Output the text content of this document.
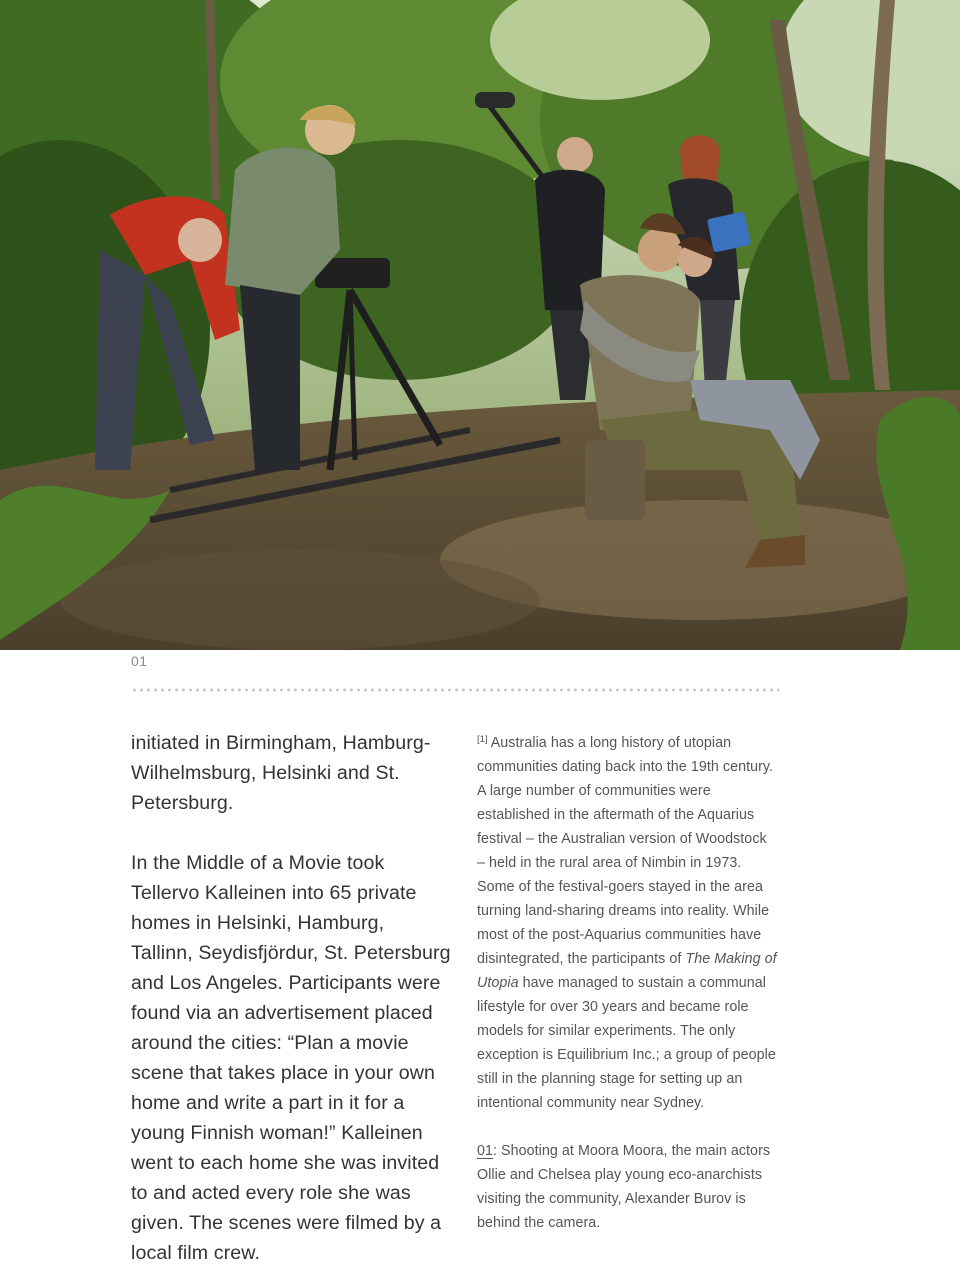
01

initiated in Birmingham, Hamburg-Wilhelmsburg, Helsinki and St. Petersburg.

In the Middle of a Movie took Tellervo Kalleinen into 65 private homes in Helsinki, Hamburg, Tallinn, Seydisfjördur, St. Petersburg and Los Angeles. Participants were found via an advertisement placed around the cities: “Plan a movie scene that takes place in your own home and write a part in it for a young Finnish woman!” Kalleinen went to each home she was invited to and acted every role she was given. The scenes were filmed by a local film crew.

[1] Australia has a long history of utopian communities dating back into the 19th century. A large number of communities were established in the aftermath of the Aquarius festival – the Australian version of Woodstock – held in the rural area of Nimbin in 1973. Some of the festival-goers stayed in the area turning land-sharing dreams into reality. While most of the post-Aquarius communities have disintegrated, the participants of The Making of Utopia have managed to sustain a communal lifestyle for over 30 years and became role models for similar experiments. The only exception is Equilibrium Inc.; a group of people still in the planning stage for setting up an intentional community near Sydney.

01: Shooting at Moora Moora, the main actors Ollie and Chelsea play young eco-anarchists visiting the community, Alexander Burov is behind the camera.
